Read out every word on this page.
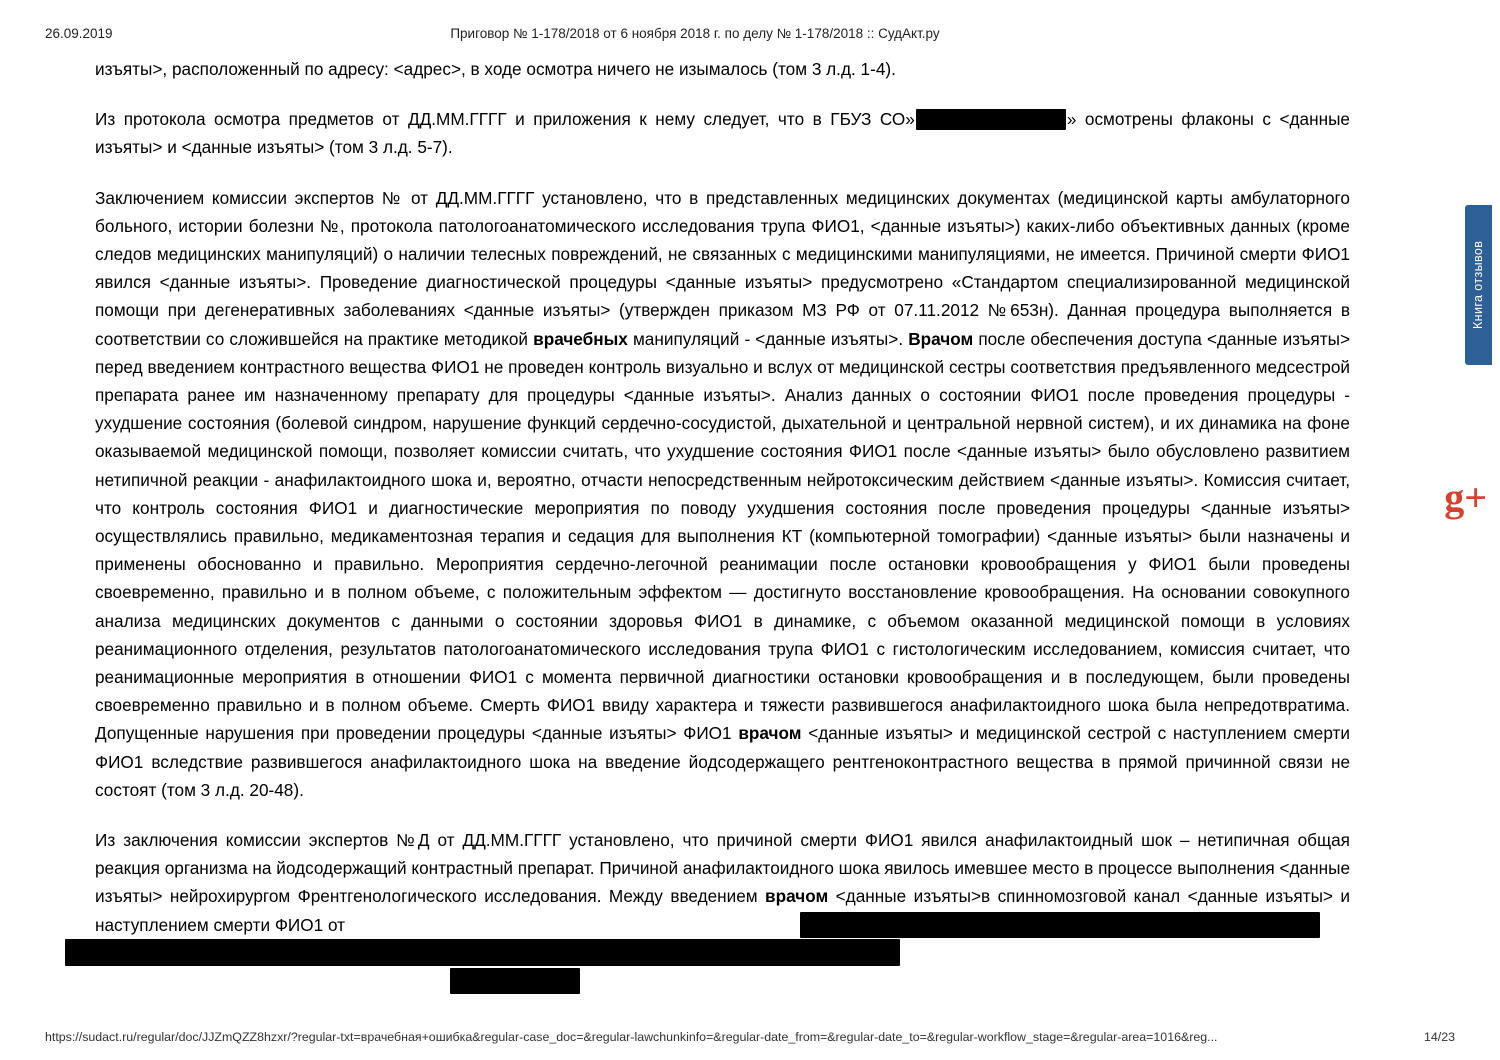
26.09.2019	Приговор № 1-178/2018 от 6 ноября 2018 г. по делу № 1-178/2018 :: СудАкт.ру

изъяты>, расположенный по адресу: <адрес>, в ходе осмотра ничего не изымалось (том 3 л.д. 1-4).

Из протокола осмотра предметов от ДД.ММ.ГГГГ и приложения к нему следует, что в ГБУЗ СО»	» осмотрены флаконы с <данные изъяты> и <данные изъяты> (том 3 л.д. 5-7).

Заключением комиссии экспертов № от ДД.ММ.ГГГГ установлено, что в представленных медицинских документах (медицинской карты амбулаторного больного, истории болезни №, протокола патологоанатомического исследования трупа ФИО1, <данные изъяты>) каких-либо объективных данных (кроме следов медицинских манипуляций) о наличии телесных повреждений, не связанных с медицинскими манипуляциями, не имеется. Причиной смерти ФИО1 явился <данные изъяты>. Проведение диагностической процедуры <данные изъяты> предусмотрено «Стандартом специализированной медицинской помощи при дегенеративных заболеваниях <данные изъяты> (утвержден приказом МЗ РФ от 07.11.2012 №653н). Данная процедура выполняется в соответствии со сложившейся на практике методикой врачебных манипуляций - <данные изъяты>. Врачом после обеспечения доступа <данные изъяты> перед введением контрастного вещества ФИО1 не проведен контроль визуально и вслух от медицинской сестры соответствия предъявленного медсестрой препарата ранее им назначенному препарату для процедуры <данные изъяты>. Анализ данных о состоянии ФИО1 после проведения процедуры - ухудшение состояния (болевой синдром, нарушение функций сердечно-сосудистой, дыхательной и центральной нервной систем), и их динамика на фоне оказываемой медицинской помощи, позволяет комиссии считать, что ухудшение состояния ФИО1 после <данные изъяты> было обусловлено развитием нетипичной реакции - анафилактоидного шока и, вероятно, отчасти непосредственным нейротоксическим действием <данные изъяты>. Комиссия считает, что контроль состояния ФИО1 и диагностические мероприятия по поводу ухудшения состояния после проведения процедуры <данные изъяты> осуществлялись правильно, медикаментозная терапия и седация для выполнения КТ (компьютерной томографии) <данные изъяты> были назначены и применены обоснованно и правильно. Мероприятия сердечно-легочной реанимации после остановки кровообращения у ФИО1 были проведены своевременно, правильно и в полном объеме, с положительным эффектом — достигнуто восстановление кровообращения. На основании совокупного анализа медицинских документов с данными о состоянии здоровья ФИО1 в динамике, с объемом оказанной медицинской помощи в условиях реанимационного отделения, результатов патологоанатомического исследования трупа ФИО1 с гистологическим исследованием, комиссия считает, что реанимационные мероприятия в отношении ФИО1 с момента первичной диагностики остановки кровообращения и в последующем, были проведены своевременно правильно и в полном объеме. Смерть ФИО1 ввиду характера и тяжести развившегося анафилактоидного шока была непредотвратима. Допущенные нарушения при проведении процедуры <данные изъяты> ФИО1 врачом <данные изъяты> и медицинской сестрой с наступлением смерти ФИО1 вследствие развившегося анафилактоидного шока на введение йодсодержащего рентгеноконтрастного вещества в прямой причинной связи не состоят (том 3 л.д. 20-48).

Из заключения комиссии экспертов №Д от ДД.ММ.ГГГГ установлено, что причиной смерти ФИО1 явился анафилактоидный шок – нетипичная общая реакция организма на йодсодержащий контрастный препарат. Причиной анафилактоидного шока явилось имевшее место в процессе выполнения <данные изъяты> нейрохирургом Френтгенологического исследования. Между введением врачом <данные изъяты>в спинномозговой канал <данные изъяты> и наступлением смерти ФИО1 от

Книга отзывов
g+
https://sudact.ru/regular/doc/JJZmQZZ8hzxr/?regular-txt=врачебная+ошибка&regular-case_doc=&regular-lawchunkinfo=&regular-date_from=&regular-date_to=&regular-workflow_stage=&regular-area=1016&reg...	14/23
